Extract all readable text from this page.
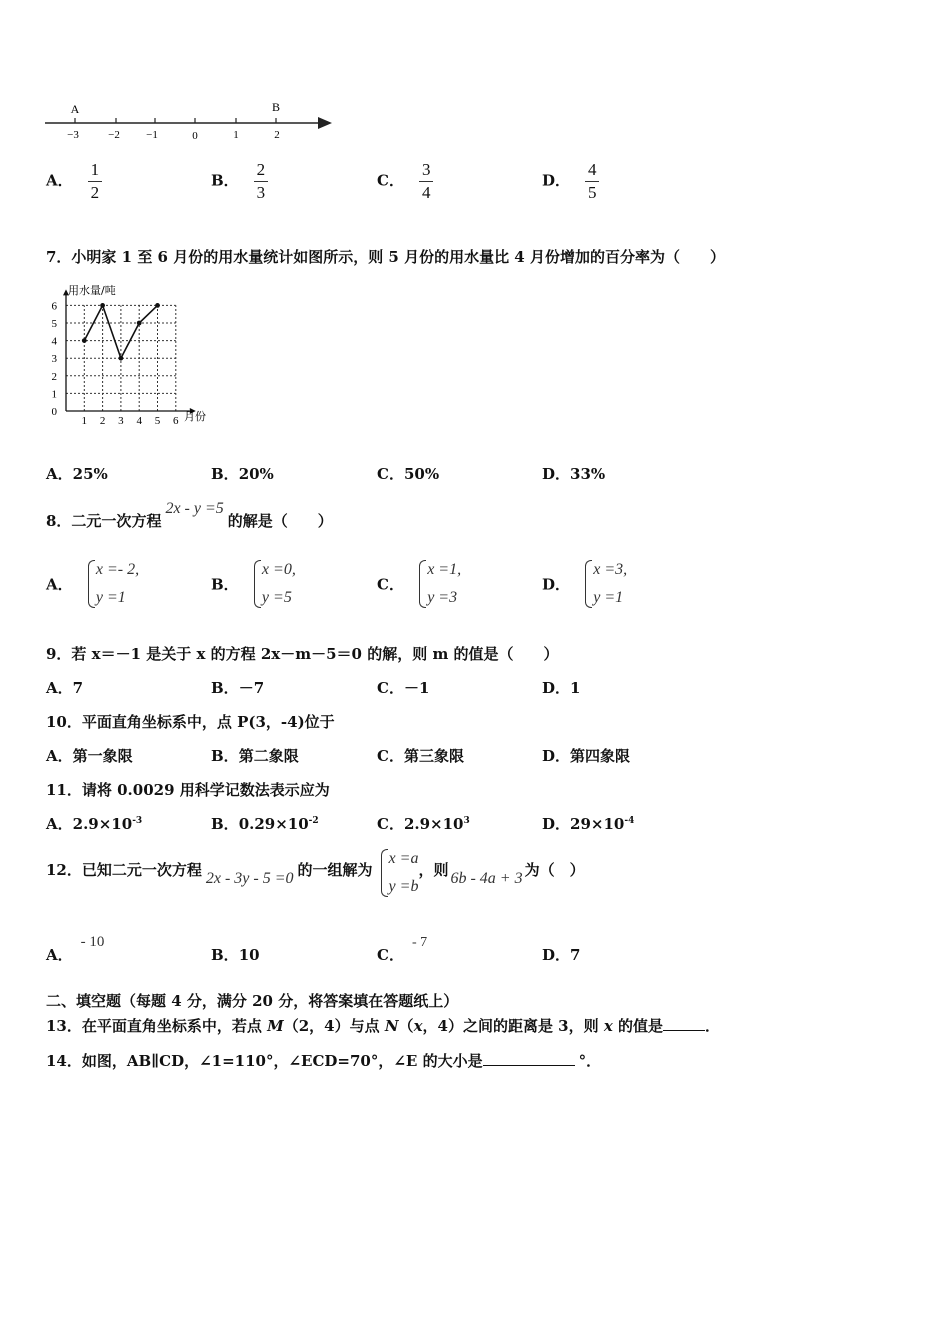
A	B
−3	−2 −1	0	1	2
A． $\frac{1}{2}$	B． $\frac{2}{3}$	C． $\frac{3}{4}$	D． $\frac{4}{5}$
7．小明家 1 至 6 月份的用水量统计如图所示，则 5 月份的用水量比 4 月份增加的百分率为（　　）
1 2 3 4 5 6
0
1
2
3
4
5
6
用水量/吨
月份
A．25%	B．20%	C．50%	D．33%
8．二元一次方程2x - y =5的解是（　　）
A．
x =- 2,
y =1
B．
x =0,
y =5
C．
x =1,
y =3
D．
x =3,
y =1
9．若 x＝－1 是关于 x 的方程 2x－m－5＝0 的解，则 m 的值是（　　）
A．7	B．－7	C．－1	D．1
10．平面直角坐标系中，点 P(3，-4)位于
A．第一象限	B．第二象限	C．第三象限	D．第四象限
11．请将 0.0029 用科学记数法表示应为
A．$2.9\times 10^{-3}$	B．$0.29\times 10^{-2}$	C．$2.9\times 10^3$	D．$29\times 10^{-4}$
12．已知二元一次方程 2x - 3y - 5 =0 的一组解为
x =a
y =b
，则 6b - 4a + 3 为（　）
A．- 10
B．10	C．- 7
D．7
二、填空题（每题 4 分，满分 20 分，将答案填在答题纸上）
13．在平面直角坐标系中，若点 M（2，4）与点 N（x，4）之间的距离是 3，则 x 的值是	．
14．如图，AB∥CD，∠1=110°，∠ECD=70°，∠E 的大小是	°．
